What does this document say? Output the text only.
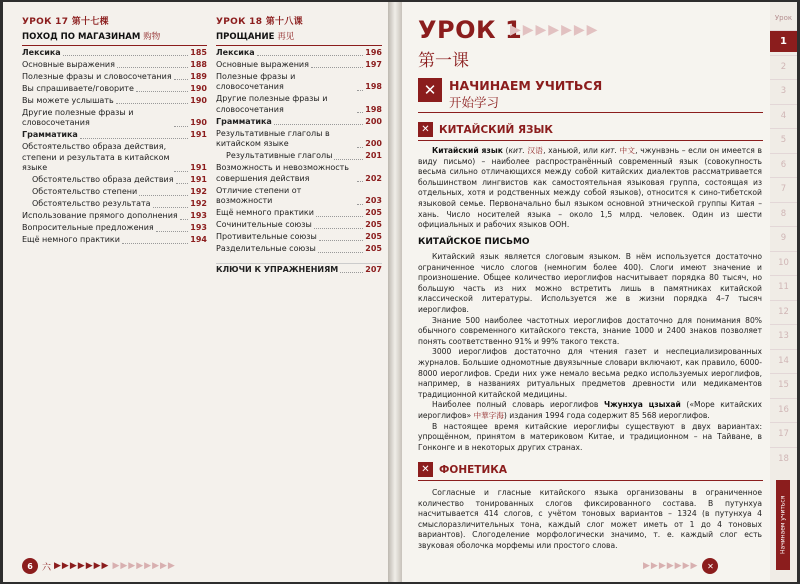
УРОК 17 第十七棵
ПОХОД ПО МАГАЗИНАМ 购物
Лексика	185
Основные выражения	188
Полезные фразы и словосочетания 189
Вы спрашиваете/говорите	190
Вы можете услышать	190
Другие полезные фразы и словосочетания	190
Грамматика	191
Обстоятельство образа действия, степени и результата в китайском языке	191
Обстоятельство образа действия 191
Обстоятельство степени	192
Обстоятельство результата	192
Использование прямого дополнения 193
Вопросительные предложения	193
Ещё немного практики	194
УРОК 18 第十八课
ПРОЩАНИЕ 再见
Лексика	196
Основные выражения	197
Полезные фразы и словосочетания	198
Другие полезные фразы и словосочетания	198
Грамматика	200
Результативные глаголы в китайском языке	200
Результативные глаголы	201
Возможность и невозможность совершения действия	202
Отличие степени от возможности	203
Ещё немного практики	205
Сочинительные союзы	205
Противительные союзы	205
Разделительные союзы	205
КЛЮЧИ К УПРАЖНЕНИЯМ	207
6	六 ▶▶▶▶▶▶▶ ▶▶▶▶▶▶▶▶
УРОК 1
第一课
▶▶▶▶▶▶▶
✕	НАЧИНАЕМ УЧИТЬСЯ
开始学习
✕ КИТАЙСКИЙ ЯЗЫК

Китайский язык (кит. 汉语, ханьюй, или кит. 中文, чжунвэнь – если он имеется в виду письмо) – наиболее распространённый современный язык (совокупность весьма сильно отличающихся между собой китайских диалектов рассматривается большинством лингвистов как самостоятельная языковая группа, состоящая из отдельных, хотя и родственных между собой языков), относится к сино-тибетской языковой семье. Первоначально был языком основной этнической группы Китая – хань. Число носителей языка – около 1,5 млрд. человек. Один из шести официальных и рабочих языков ООН.

КИТАЙСКОЕ ПИСЬМО

Китайский язык является слоговым языком. В нём используется достаточно ограниченное число слогов (немногим более 400). Слоги имеют значение и произношение. Общее количество иероглифов насчитывает порядка 80 тысяч, но большую часть из них можно встретить лишь в памятниках китайской классической литературы. Используется же в жизни порядка 4–7 тысяч иероглифов.

Знание 500 наиболее частотных иероглифов достаточно для понимания 80% обычного современного китайского текста, знание 1000 и 2400 знаков позволяет понять соответственно 91% и 99% такого текста.

3000 иероглифов достаточно для чтения газет и неспециализированных журналов. Большие одномотные двуязычные словари включают, как правило, 6000-8000 иероглифов. Среди них уже немало весьма редко используемых иероглифов, например, в названиях ритуальных предметов древности или медикаментов традиционной китайской медицины.

Наиболее полный словарь иероглифов Чжунхуа цзыхай («Море китайских иероглифов» 中華字海) издания 1994 года содержит 85 568 иероглифов.

В настоящее время китайские иероглифы существуют в двух вариантах: упрощённом, принятом в материковом Китае, и традиционном – на Тайване, в Гонконге и в некоторых других странах.

✕ ФОНЕТИКА

Согласные и гласные китайского языка организованы в ограниченное количество тонированных слогов фиксированного состава. В путунхуа насчитывается 414 слогов, с учётом тоновых вариантов – 1324 (в путунхуа 4 смыслоразличительных тона, каждый слог может иметь от 1 до 4 тоновых вариантов). Слогоделение морфологически значимо, т. е. каждый слог есть звуковая оболочка морфемы или простого слова.

▶▶▶▶▶▶▶	✕
Урок
1
2
3
4
5
6
7
8
9
10
11
12
13
14
15
16
17
18
Начинаем учиться
